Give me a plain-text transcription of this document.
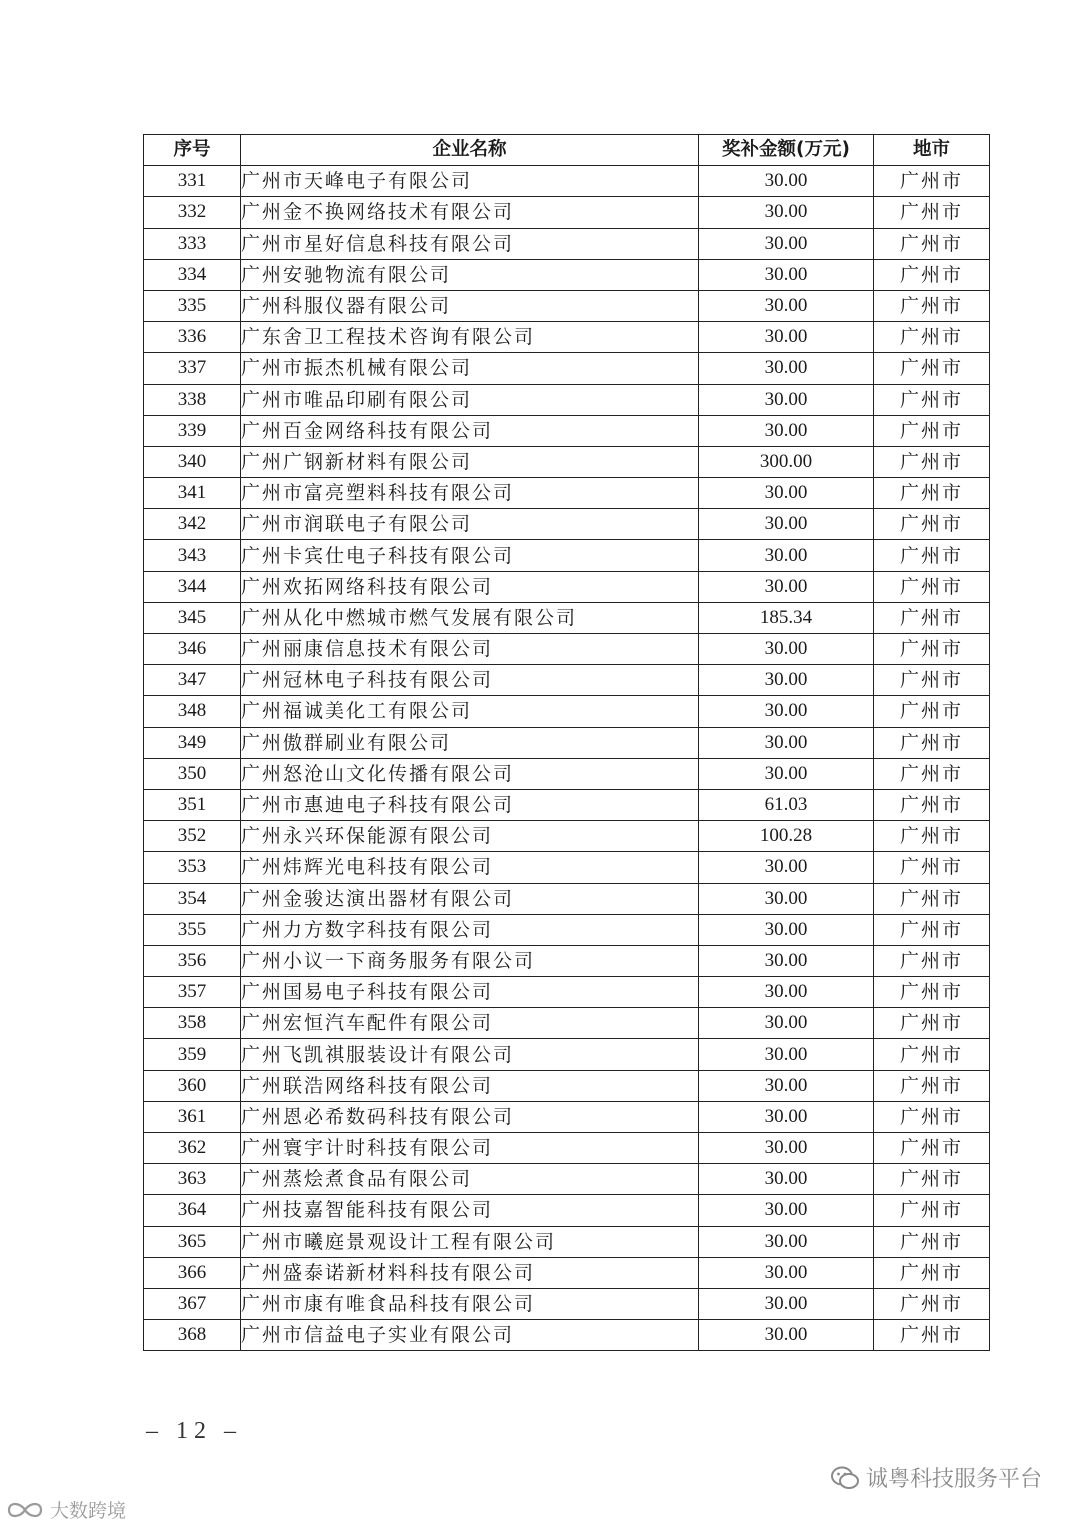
序号	企业名称	奖补金额(万元)	地市
331	广州市天峰电子有限公司	30.00	广州市
332	广州金不换网络技术有限公司	30.00	广州市
333	广州市星好信息科技有限公司	30.00	广州市
334	广州安驰物流有限公司	30.00	广州市
335	广州科服仪器有限公司	30.00	广州市
336	广东舍卫工程技术咨询有限公司	30.00	广州市
337	广州市振杰机械有限公司	30.00	广州市
338	广州市唯品印刷有限公司	30.00	广州市
339	广州百金网络科技有限公司	30.00	广州市
340	广州广钢新材料有限公司	300.00	广州市
341	广州市富亮塑料科技有限公司	30.00	广州市
342	广州市润联电子有限公司	30.00	广州市
343	广州卡宾仕电子科技有限公司	30.00	广州市
344	广州欢拓网络科技有限公司	30.00	广州市
345	广州从化中燃城市燃气发展有限公司	185.34	广州市
346	广州丽康信息技术有限公司	30.00	广州市
347	广州冠林电子科技有限公司	30.00	广州市
348	广州福诚美化工有限公司	30.00	广州市
349	广州傲群刷业有限公司	30.00	广州市
350	广州怒沧山文化传播有限公司	30.00	广州市
351	广州市惠迪电子科技有限公司	61.03	广州市
352	广州永兴环保能源有限公司	100.28	广州市
353	广州炜辉光电科技有限公司	30.00	广州市
354	广州金骏达演出器材有限公司	30.00	广州市
355	广州力方数字科技有限公司	30.00	广州市
356	广州小议一下商务服务有限公司	30.00	广州市
357	广州国易电子科技有限公司	30.00	广州市
358	广州宏恒汽车配件有限公司	30.00	广州市
359	广州飞凯祺服装设计有限公司	30.00	广州市
360	广州联浩网络科技有限公司	30.00	广州市
361	广州恩必希数码科技有限公司	30.00	广州市
362	广州寰宇计时科技有限公司	30.00	广州市
363	广州蒸烩煮食品有限公司	30.00	广州市
364	广州技嘉智能科技有限公司	30.00	广州市
365	广州市曦庭景观设计工程有限公司	30.00	广州市
366	广州盛泰诺新材料科技有限公司	30.00	广州市
367	广州市康有唯食品科技有限公司	30.00	广州市
368	广州市信益电子实业有限公司	30.00	广州市
– 12 –
诚粤科技服务平台
大数跨境
